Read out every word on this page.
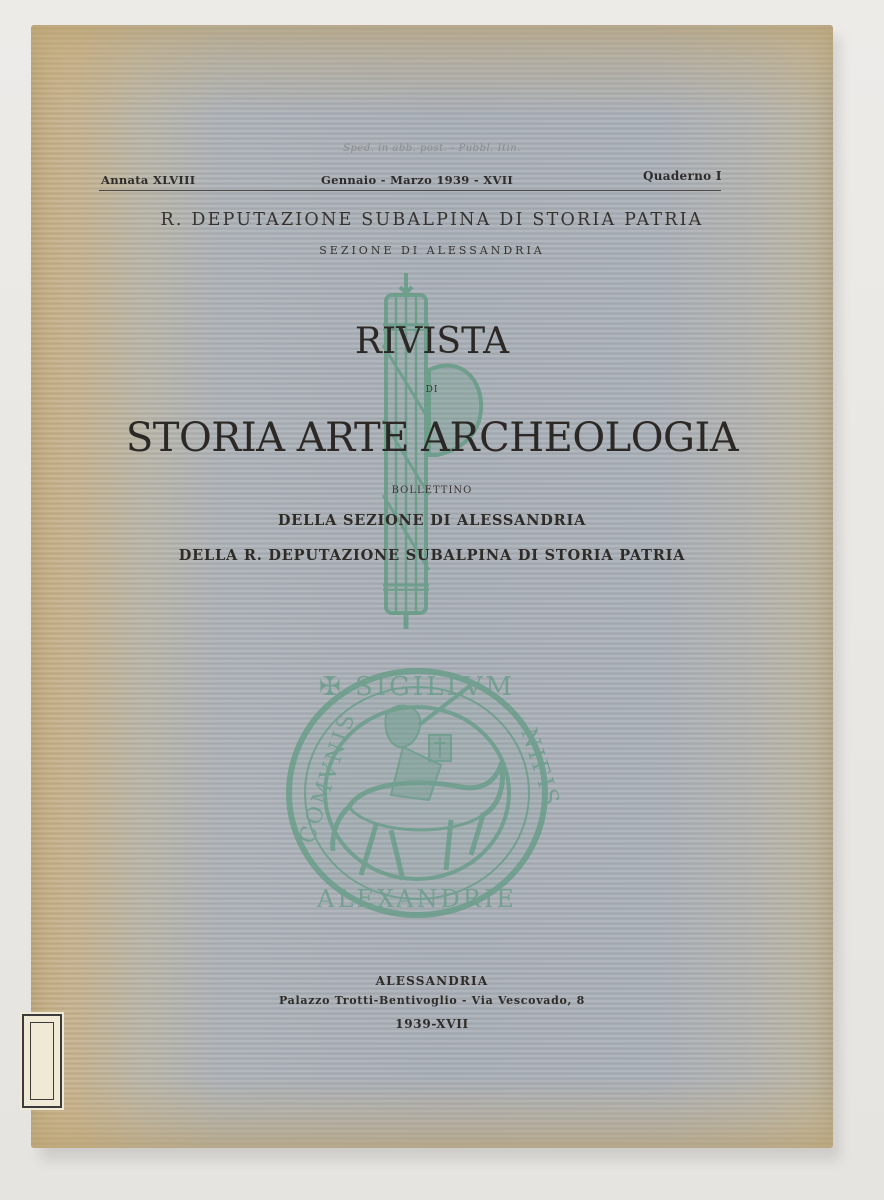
✠ SIGILLVM
ALEXANDRIE
COMVNIS	NIFIS
Sped. in abb. post. - Pubbl. Itin.
Annata XLVIII	Gennaio - Marzo 1939 - XVII	Quaderno I
R. DEPUTAZIONE SUBALPINA DI STORIA PATRIA
SEZIONE DI ALESSANDRIA
RIVISTA
DI
STORIA ARTE ARCHEOLOGIA
BOLLETTINO
DELLA SEZIONE DI ALESSANDRIA
DELLA R. DEPUTAZIONE SUBALPINA DI STORIA PATRIA
ALESSANDRIA
Palazzo Trotti-Bentivoglio - Via Vescovado, 8
1939-XVII
